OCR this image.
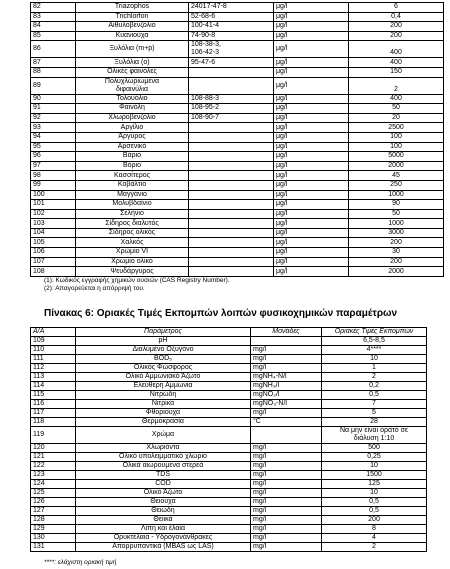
82	Triazophos	24017-47-8	μg/l	6
83	Trichlorfon	52-68-6	μg/l	0,4
84	Αιθυλοβενζόλιο	100-41-4	μg/l	200
85	Κυανιούχα	74-90-8	μg/l	200
86	Ξυλόλια (m+p)	108-38-3,
106-42-3	μg/l	400
87	Ξυλόλια (o)	95-47-6	μg/l	400
88	Ολικές φαινόλες		μg/l	150
89	Πολυχλωριωμένα
διφαινύλια		μg/l	2
90	Τολουόλιο	108-88-3	μg/l	400
91	Φαινόλη	108-95-2	μg/l	50
92	Χλωροβενζόλιο	108-90-7	μg/l	20
93	Αργίλιο		μg/l	2500
94	Άργυρος		μg/l	100
95	Αρσενικό		μg/l	100
96	Βάριο		μg/l	5000
97	Βόριο		μg/l	2000
98	Κασσίτερος		μg/l	45
99	Κοβάλτιο		μg/l	250
100	Μαγγάνιο		μg/l	1000
101	Μολυβδαίνιο		μg/l	90
102	Σελήνιο		μg/l	50
103	Σίδηρος διαλυτός		μg/l	1000
104	Σίδηρος ολικός		μg/l	3000
105	Χαλκός		μg/l	200
106	Χρώμιο VI		μg/l	30
107	Χρώμιο ολικό		μg/l	200
108	Ψευδάργυρος		μg/l	2000
(1): Κωδικός εγγραφής χημικών ουσιών (CAS Registry Number).
(2): Απαγορεύεται η απόρριψή του.
Πίνακας 6: Οριακές Τιμές Εκπομπών λοιπών φυσικοχημικών παραμέτρων
Α/Α	Παράμετρος	Μονάδες	Οριακές Τιμές Εκπομπών
109	pH		6,5-8,5
110	Διαλυμένο Οξυγόνο	mg/l	4****
111	BOD₅	mg/l	10
112	Ολικός Φώσφορος	mg/l	1
113	Ολικό Αμμωνιακό Άζωτο	mgNH₄-N/l	2
114	Ελεύθερη Αμμωνία	mgNH₃/l	0,2
115	Νιτρώδη	mgNO₂/l	0,5
116	Νιτρικά	mgNO₃-N/l	7
117	Φθοριούχα	mg/l	5
118	Θερμοκρασία	°C	28
119	Χρώμα		Να μην είναι ορατό σε
διάλυση 1:10
120	Χλωριόντα	mg/l	500
121	Ολικό υπολειμματικό χλώριο	mg/l	0,25
122	Ολικά αιωρούμενα στερεά	mg/l	10
123	TDS	mg/l	1500
124	COD	mg/l	125
125	Ολικό Άζωτο	mg/l	10
126	Θειούχα	mg/l	0,5
127	Θειώδη	mg/l	0,5
128	Θειικά	mg/l	200
129	Λίπη και έλαια	mg/l	8
130	Ορυκτέλαια - Υδρογονάνθρακες	mg/l	4
131	Απορρυπαντικά (MBAS ως LAS)	mg/l	2
****: ελάχιστη οριακή τιμή
